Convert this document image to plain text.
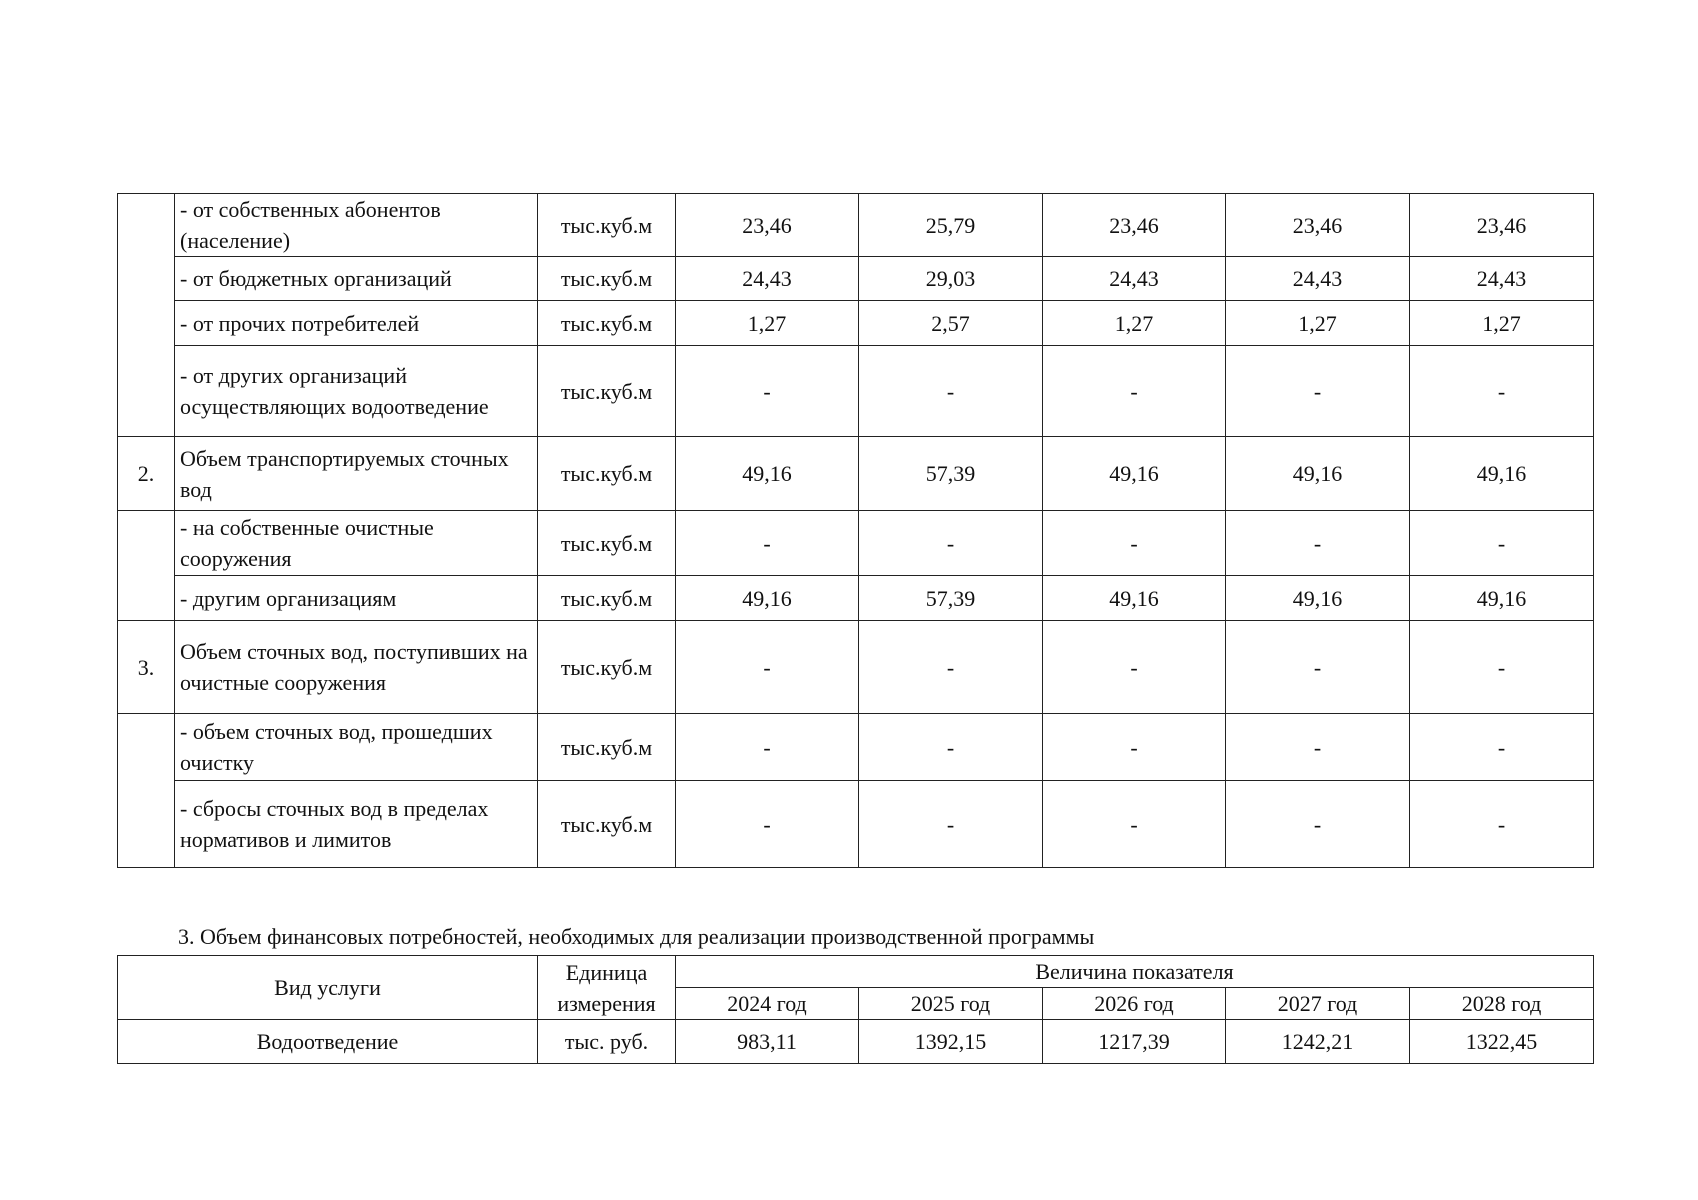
	- от собственных абонентов (население)	тыс.куб.м	23,46	25,79	23,46	23,46	23,46
	- от бюджетных организаций	тыс.куб.м	24,43	29,03	24,43	24,43	24,43
	- от прочих потребителей	тыс.куб.м	1,27	2,57	1,27	1,27	1,27
	- от других организаций осуществляющих водоотведение	тыс.куб.м	-	-	-	-	-
2.	Объем транспортируемых сточных вод	тыс.куб.м	49,16	57,39	49,16	49,16	49,16
	- на собственные очистные сооружения	тыс.куб.м	-	-	-	-	-
	- другим организациям	тыс.куб.м	49,16	57,39	49,16	49,16	49,16
3.	Объем сточных вод, поступивших на очистные сооружения	тыс.куб.м	-	-	-	-	-
	- объем сточных вод, прошедших очистку	тыс.куб.м	-	-	-	-	-
	- сбросы сточных вод в пределах нормативов и лимитов	тыс.куб.м	-	-	-	-	-
3. Объем финансовых потребностей, необходимых для реализации производственной программы
Вид услуги	Единица измерения	Величина показателя				
		2024 год	2025 год	2026 год	2027 год	2028 год
Водоотведение	тыс. руб.	983,11	1392,15	1217,39	1242,21	1322,45
